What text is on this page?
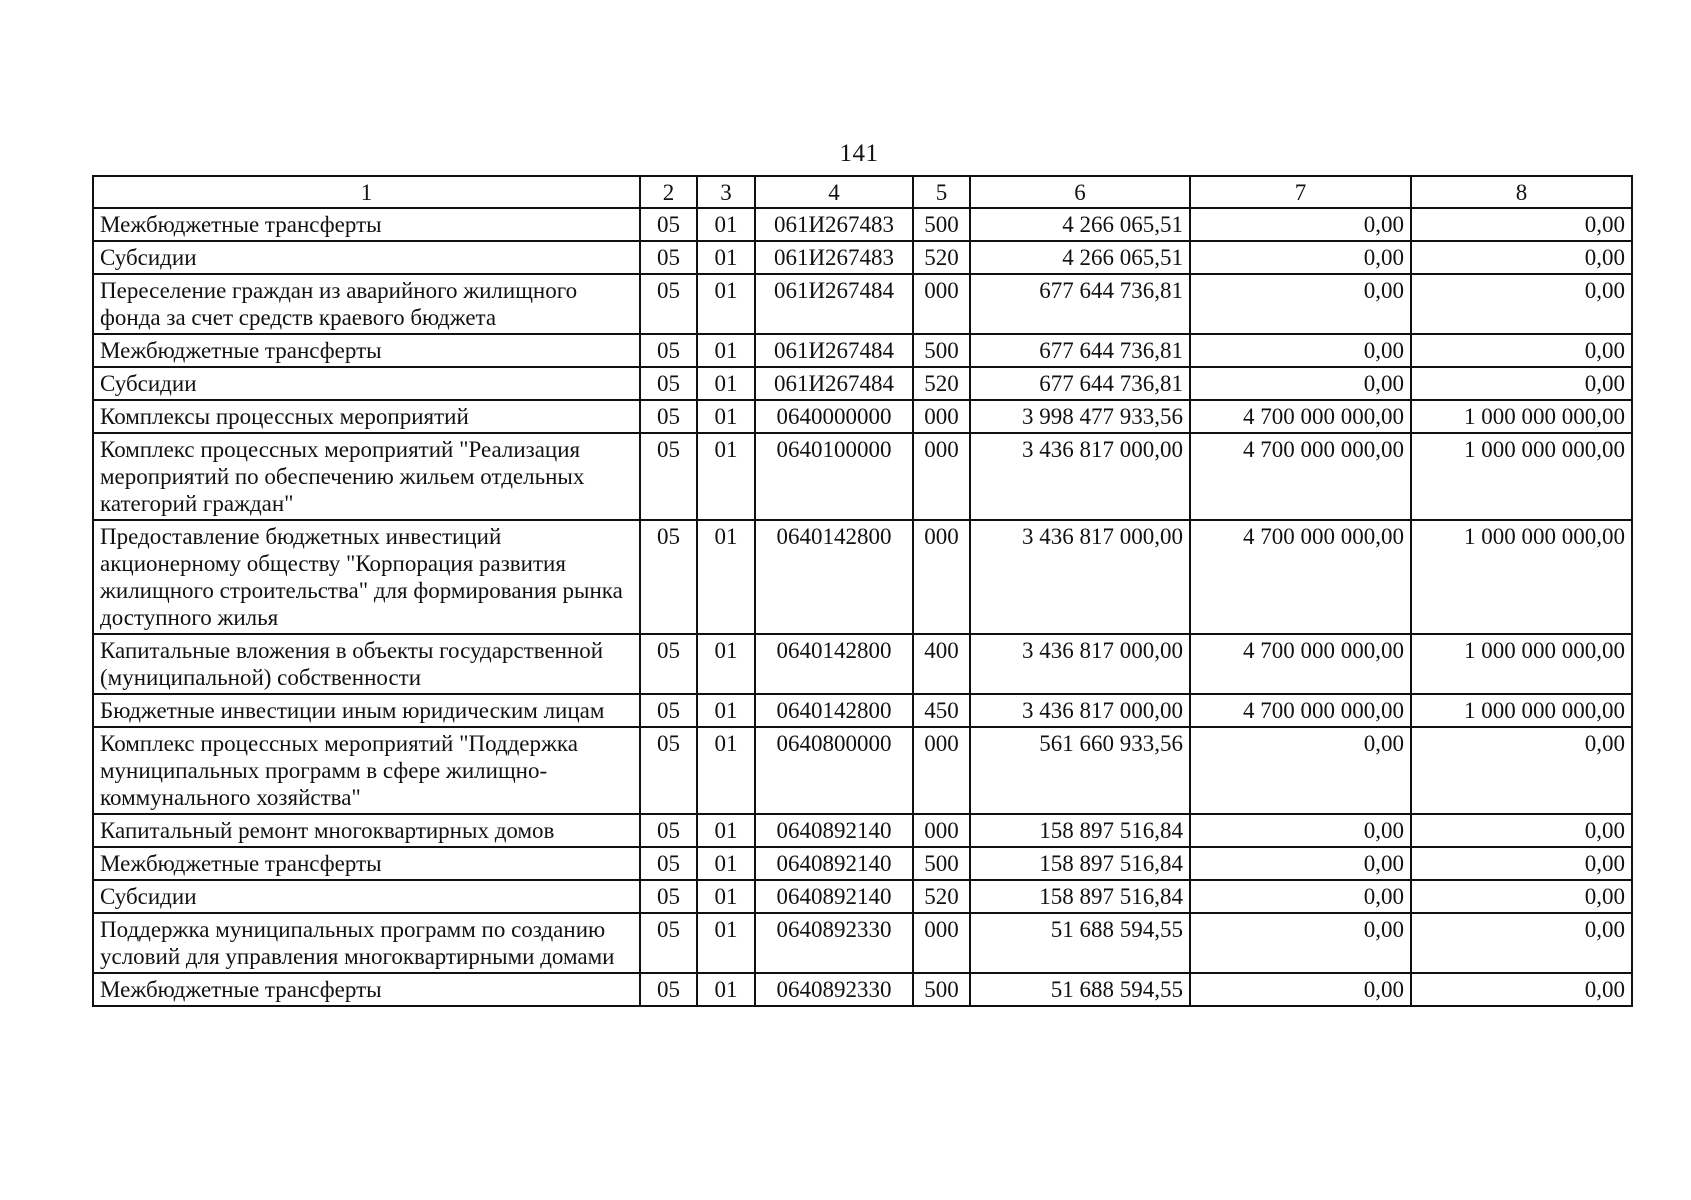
141
1	2	3	4	5	6	7	8
Межбюджетные трансферты	05	01	061И267483	500	4 266 065,51	0,00	0,00
Субсидии	05	01	061И267483	520	4 266 065,51	0,00	0,00
Переселение граждан из аварийного жилищного фонда за счет средств краевого бюджета	05	01	061И267484	000	677 644 736,81	0,00	0,00
Межбюджетные трансферты	05	01	061И267484	500	677 644 736,81	0,00	0,00
Субсидии	05	01	061И267484	520	677 644 736,81	0,00	0,00
Комплексы процессных мероприятий	05	01	0640000000	000	3 998 477 933,56	4 700 000 000,00	1 000 000 000,00
Комплекс процессных мероприятий "Реализация мероприятий по обеспечению жильем отдельных категорий граждан"	05	01	0640100000	000	3 436 817 000,00	4 700 000 000,00	1 000 000 000,00
Предоставление бюджетных инвестиций акционерному обществу "Корпорация развития жилищного строительства" для формирования рынка доступного жилья	05	01	0640142800	000	3 436 817 000,00	4 700 000 000,00	1 000 000 000,00
Капитальные вложения в объекты государственной (муниципальной) собственности	05	01	0640142800	400	3 436 817 000,00	4 700 000 000,00	1 000 000 000,00
Бюджетные инвестиции иным юридическим лицам	05	01	0640142800	450	3 436 817 000,00	4 700 000 000,00	1 000 000 000,00
Комплекс процессных мероприятий "Поддержка муниципальных программ в сфере жилищно-коммунального хозяйства"	05	01	0640800000	000	561 660 933,56	0,00	0,00
Капитальный ремонт многоквартирных домов	05	01	0640892140	000	158 897 516,84	0,00	0,00
Межбюджетные трансферты	05	01	0640892140	500	158 897 516,84	0,00	0,00
Субсидии	05	01	0640892140	520	158 897 516,84	0,00	0,00
Поддержка муниципальных программ по созданию условий для управления многоквартирными домами	05	01	0640892330	000	51 688 594,55	0,00	0,00
Межбюджетные трансферты	05	01	0640892330	500	51 688 594,55	0,00	0,00
